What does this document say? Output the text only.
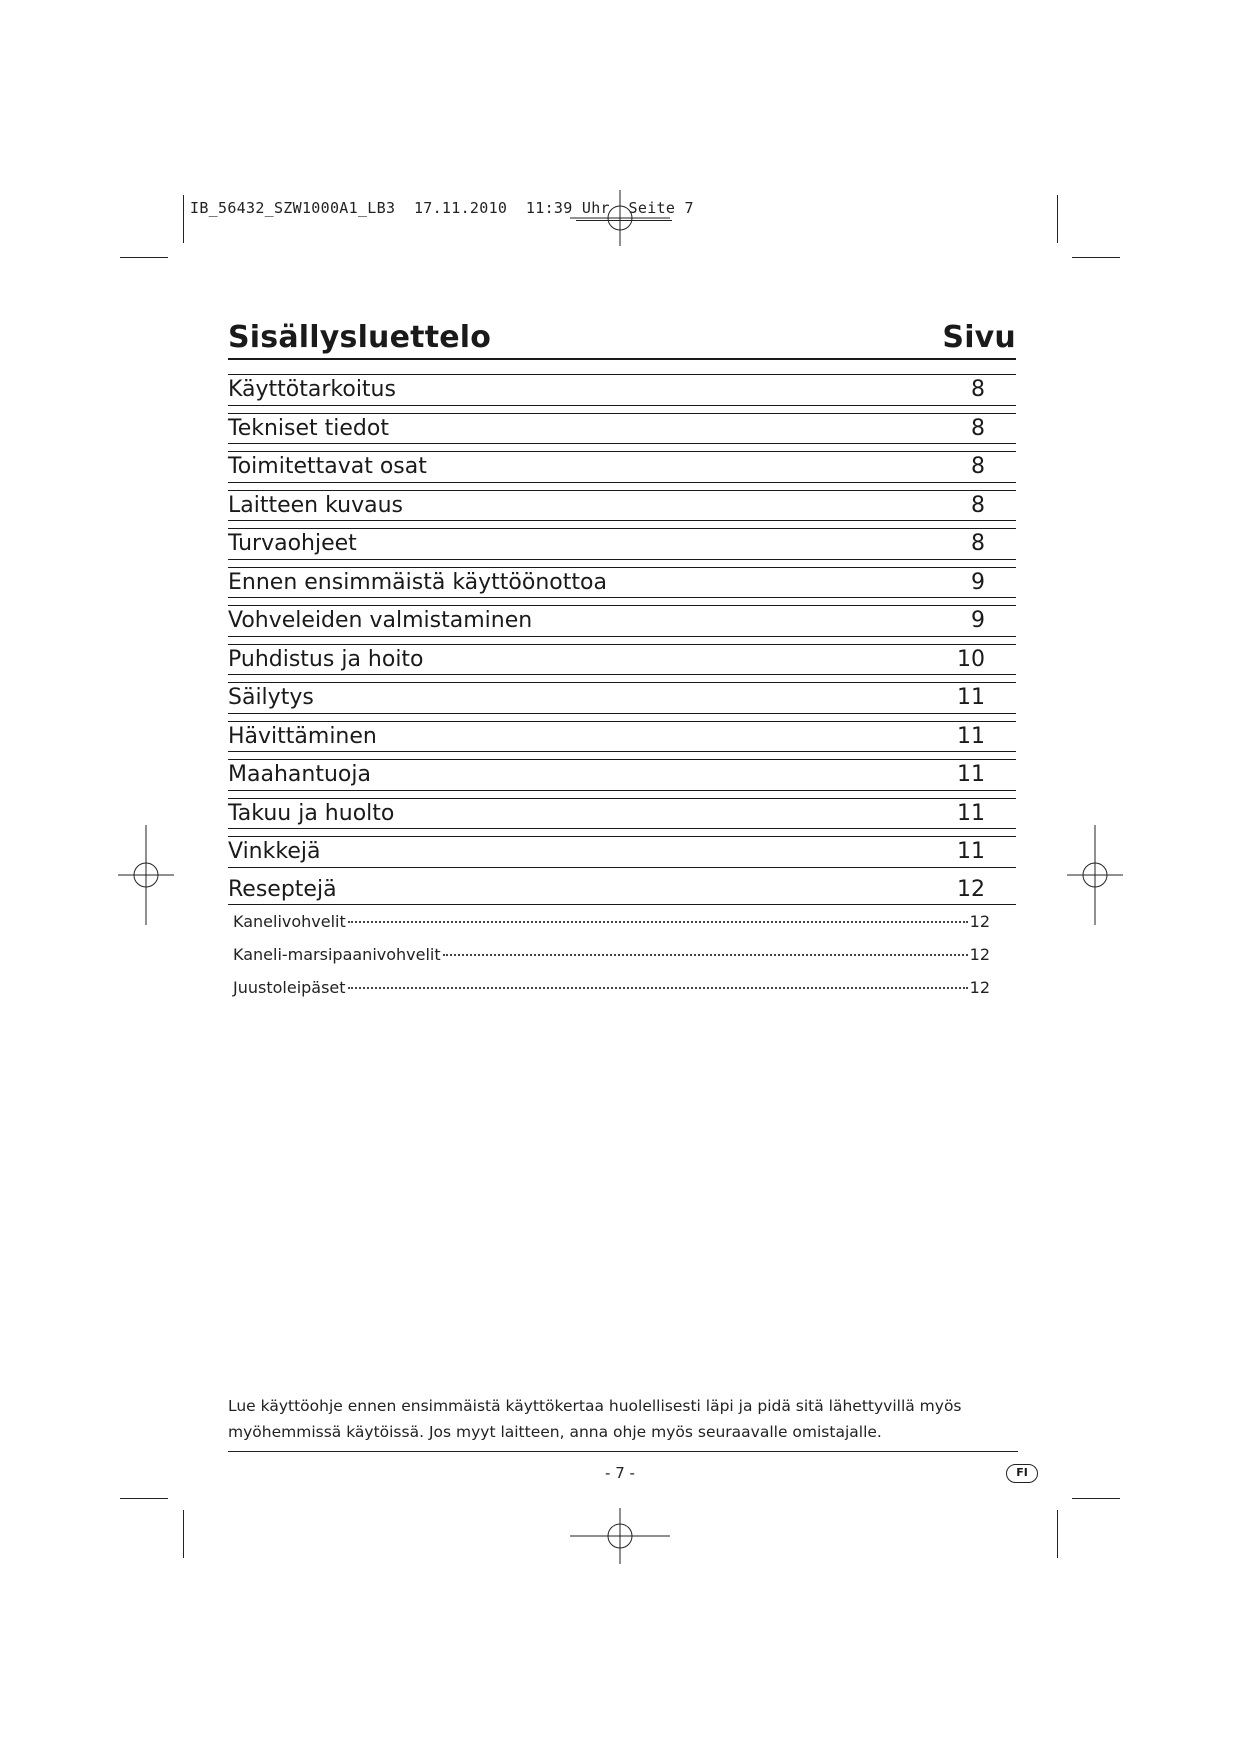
IB_56432_SZW1000A1_LB3  17.11.2010  11:39 Uhr  Seite 7
Sisällysluettelo	Sivu
Käyttötarkoitus	8
Tekniset tiedot	8
Toimitettavat osat	8
Laitteen kuvaus	8
Turvaohjeet	8
Ennen ensimmäistä käyttöönottoa	9
Vohveleiden valmistaminen	9
Puhdistus ja hoito	10
Säilytys	11
Hävittäminen	11
Maahantuoja	11
Takuu ja huolto	11
Vinkkejä	11
Reseptejä	12
Kanelivohvelit	12
Kaneli-marsipaanivohvelit	12
Juustoleipäset	12
Lue käyttöohje ennen ensimmäistä käyttökertaa huolellisesti läpi ja pidä sitä lähettyvillä myös myöhemmissä käytöissä. Jos myyt laitteen, anna ohje myös seuraavalle omistajalle.
- 7 -	FI
